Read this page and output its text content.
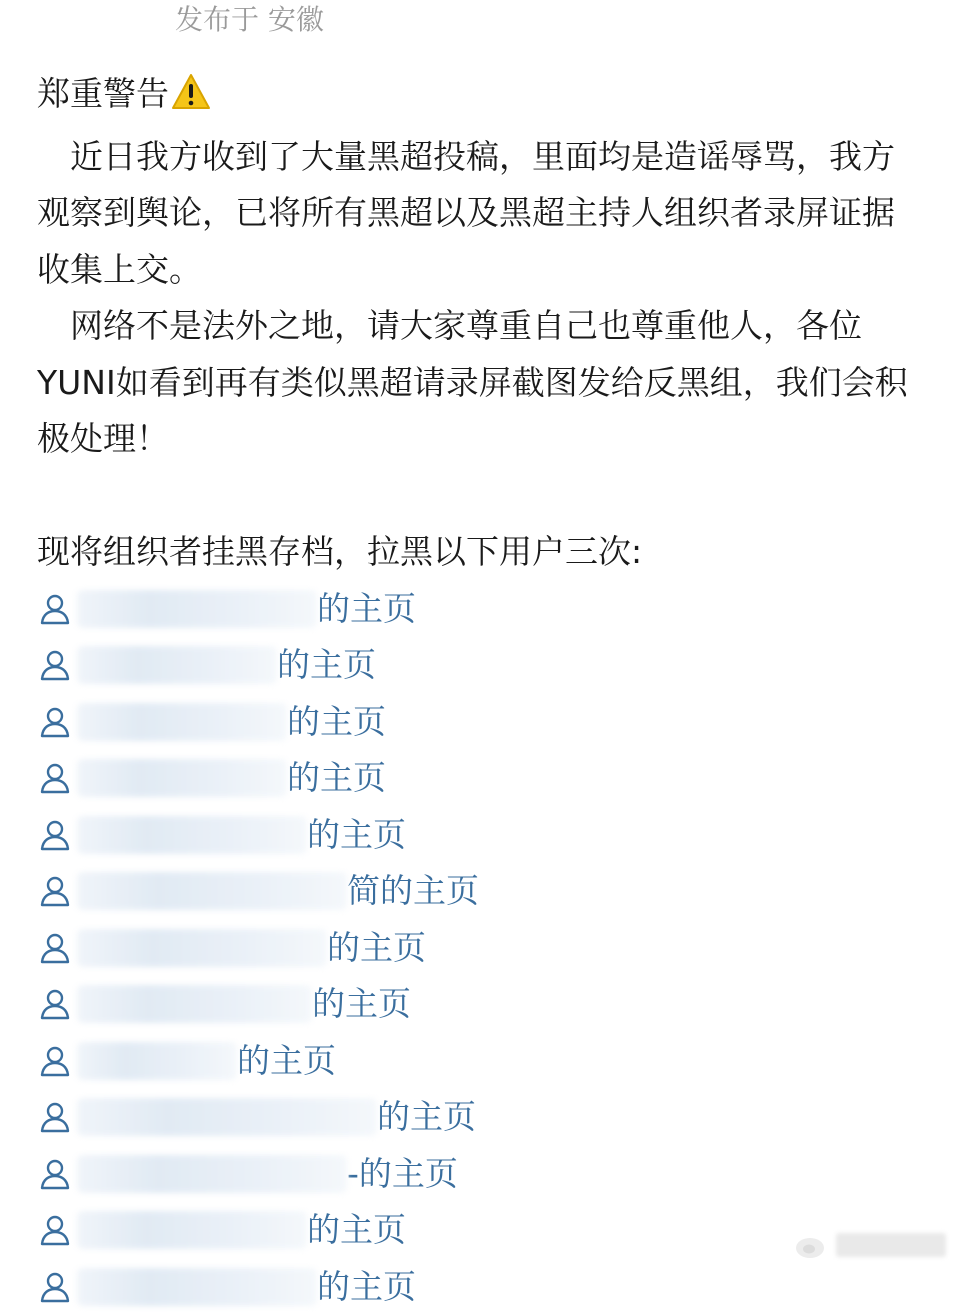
发布于 安徽

郑重警告

近日我方收到了大量黑超投稿，里面均是造谣辱骂，我方观察到舆论，已将所有黑超以及黑超主持人组织者录屏证据收集上交。

网络不是法外之地，请大家尊重自己也尊重他人，各位YUNI如看到再有类似黑超请录屏截图发给反黑组，我们会积极处理！

现将组织者挂黑存档，拉黑以下用户三次:

的主页
的主页
的主页
的主页
的主页
简的主页
的主页
的主页
的主页
的主页
-的主页
的主页
的主页
